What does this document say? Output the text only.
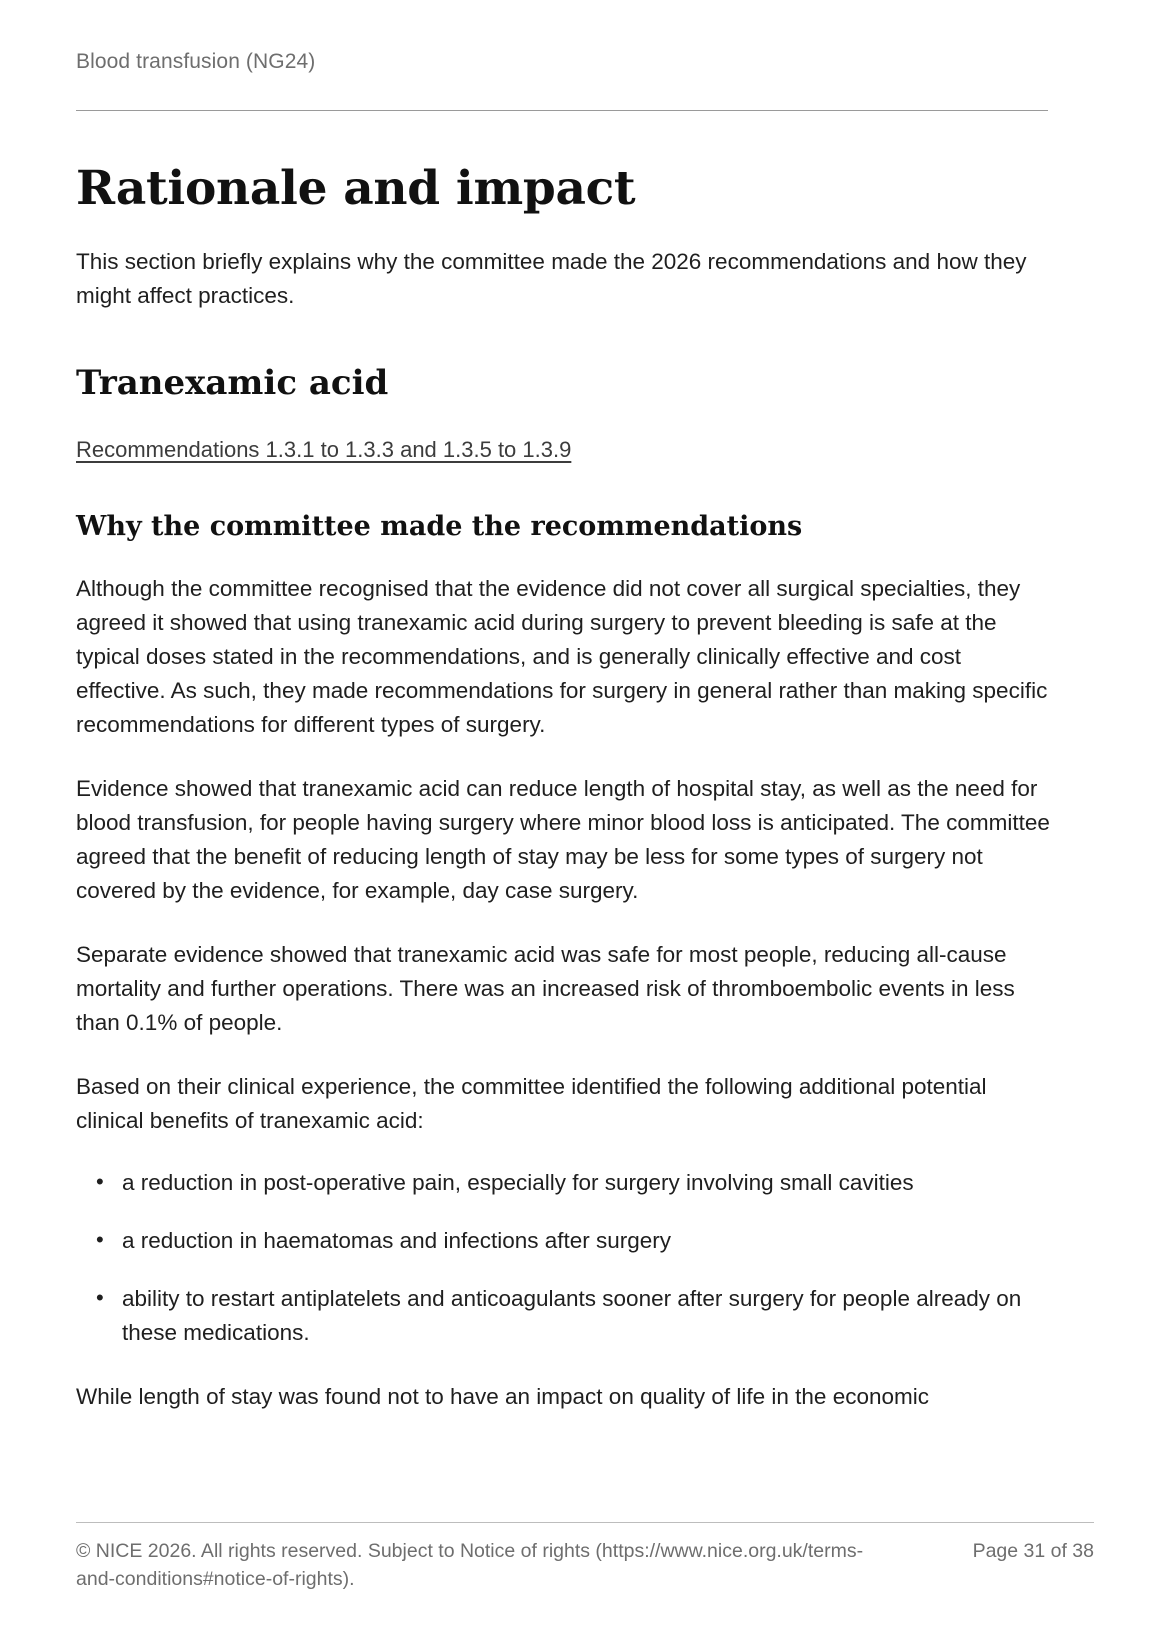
Blood transfusion (NG24)
Rationale and impact

This section briefly explains why the committee made the 2026 recommendations and how they might affect practices.

Tranexamic acid
Recommendations 1.3.1 to 1.3.3 and 1.3.5 to 1.3.9
Why the committee made the recommendations

Although the committee recognised that the evidence did not cover all surgical specialties, they agreed it showed that using tranexamic acid during surgery to prevent bleeding is safe at the typical doses stated in the recommendations, and is generally clinically effective and cost effective. As such, they made recommendations for surgery in general rather than making specific recommendations for different types of surgery.

Evidence showed that tranexamic acid can reduce length of hospital stay, as well as the need for blood transfusion, for people having surgery where minor blood loss is anticipated. The committee agreed that the benefit of reducing length of stay may be less for some types of surgery not covered by the evidence, for example, day case surgery.

Separate evidence showed that tranexamic acid was safe for most people, reducing all-cause mortality and further operations. There was an increased risk of thromboembolic events in less than 0.1% of people.

Based on their clinical experience, the committee identified the following additional potential clinical benefits of tranexamic acid:

• a reduction in post-operative pain, especially for surgery involving small cavities
• a reduction in haematomas and infections after surgery
• ability to restart antiplatelets and anticoagulants sooner after surgery for people already on these medications.

While length of stay was found not to have an impact on quality of life in the economic

© NICE 2026. All rights reserved. Subject to Notice of rights (https://www.nice.org.uk/terms-and-conditions#notice-of-rights).
Page 31 of 38
